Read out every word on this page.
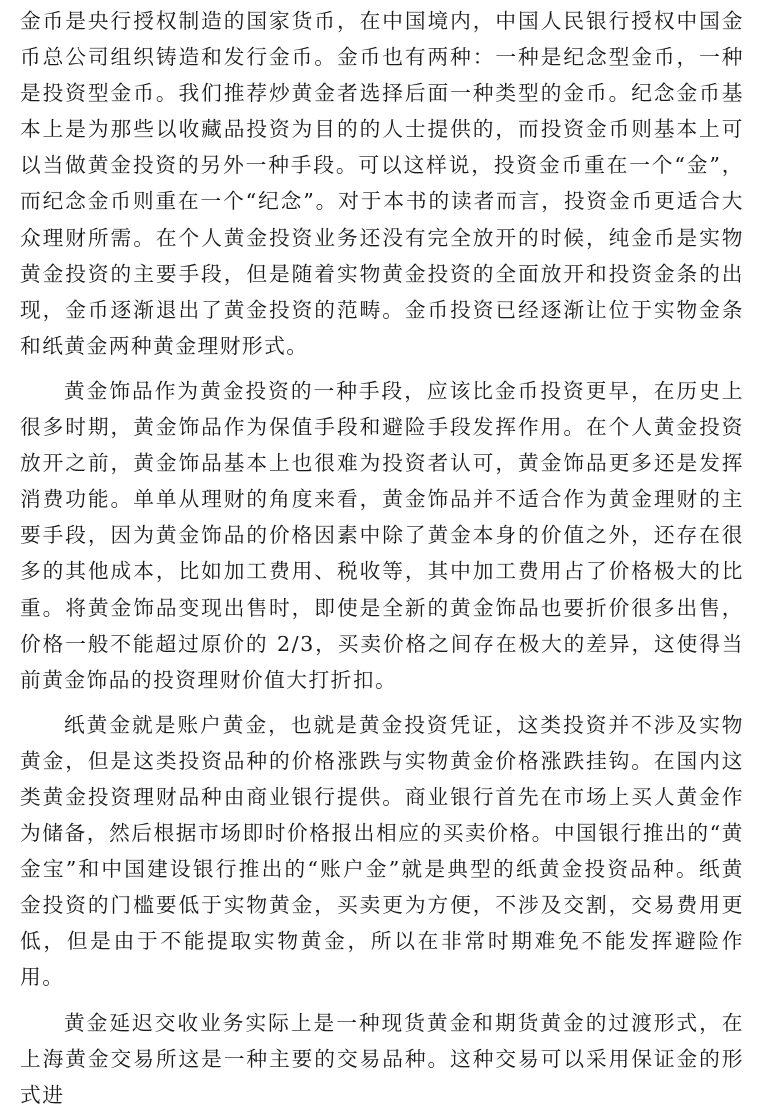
金币是央行授权制造的国家货币，在中国境内，中国人民银行授权中国金币总公司组织铸造和发行金币。金币也有两种：一种是纪念型金币，一种是投资型金币。我们推荐炒黄金者选择后面一种类型的金币。纪念金币基本上是为那些以收藏品投资为目的的人士提供的，而投资金币则基本上可以当做黄金投资的另外一种手段。可以这样说，投资金币重在一个“金”，而纪念金币则重在一个“纪念”。对于本书的读者而言，投资金币更适合大众理财所需。在个人黄金投资业务还没有完全放开的时候，纯金币是实物黄金投资的主要手段，但是随着实物黄金投资的全面放开和投资金条的出现，金币逐渐退出了黄金投资的范畴。金币投资已经逐渐让位于实物金条和纸黄金两种黄金理财形式。

黄金饰品作为黄金投资的一种手段，应该比金币投资更早，在历史上很多时期，黄金饰品作为保值手段和避险手段发挥作用。在个人黄金投资放开之前，黄金饰品基本上也很难为投资者认可，黄金饰品更多还是发挥消费功能。单单从理财的角度来看，黄金饰品并不适合作为黄金理财的主要手段，因为黄金饰品的价格因素中除了黄金本身的价值之外，还存在很多的其他成本，比如加工费用、税收等，其中加工费用占了价格极大的比重。将黄金饰品变现出售时，即使是全新的黄金饰品也要折价很多出售，价格一般不能超过原价的 2/3，买卖价格之间存在极大的差异，这使得当前黄金饰品的投资理财价值大打折扣。

纸黄金就是账户黄金，也就是黄金投资凭证，这类投资并不涉及实物黄金，但是这类投资品种的价格涨跌与实物黄金价格涨跌挂钩。在国内这类黄金投资理财品种由商业银行提供。商业银行首先在市场上买人黄金作为储备，然后根据市场即时价格报出相应的买卖价格。中国银行推出的“黄金宝”和中国建设银行推出的“账户金”就是典型的纸黄金投资品种。纸黄金投资的门槛要低于实物黄金，买卖更为方便，不涉及交割，交易费用更低，但是由于不能提取实物黄金，所以在非常时期难免不能发挥避险作用。

黄金延迟交收业务实际上是一种现货黄金和期货黄金的过渡形式，在上海黄金交易所这是一种主要的交易品种。这种交易可以采用保证金的形式进
